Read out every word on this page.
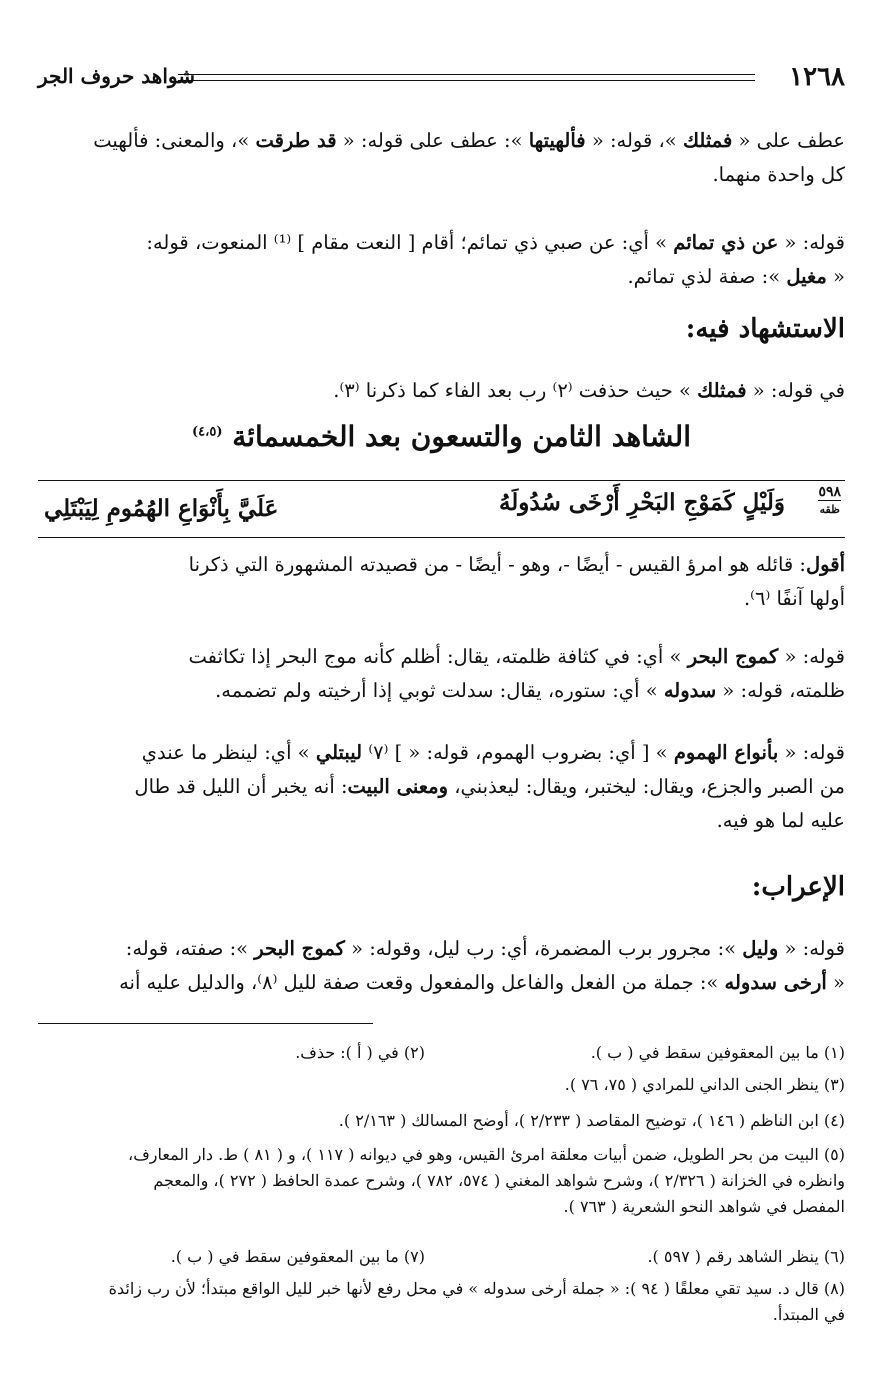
١٢٦٨
شواهد حروف الجر
عطف على « فمثلك »، قوله: « فألهيتها »: عطف على قوله: « قد طرقت »، والمعنى: فألهيت
كل واحدة منهما.
قوله: « عن ذي تمائم » أي: عن صبي ذي تمائم؛ أقام [ النعت مقام ] ⁽¹⁾ المنعوت، قوله:
« مغيل »: صفة لذي تمائم.
الاستشهاد فيه:
في قوله: « فمثلك » حيث حذفت ⁽٢⁾ رب بعد الفاء كما ذكرنا ⁽٣⁾.
الشاهد الثامن والتسعون بعد الخمسمائة $^{(٤،٥)}$
٥٩٨
ظقه
وَلَيْلٍ كَمَوْجِ البَحْرِ أَرْخَى سُدُولَهُ
عَلَيَّ بِأَنْوَاعِ الهُمُومِ لِيَبْتَلِي
أقول: قائله هو امرؤ القيس - أيضًا -، وهو - أيضًا - من قصيدته المشهورة التي ذكرنا
أولها آنفًا ⁽٦⁾.
قوله: « كموج البحر » أي: في كثافة ظلمته، يقال: أظلم كأنه موج البحر إذا تكاثفت
ظلمته، قوله: « سدوله » أي: ستوره، يقال: سدلت ثوبي إذا أرخيته ولم تضممه.
قوله: « بأنواع الهموم » [ أي: بضروب الهموم، قوله: « ] ⁽٧⁾ ليبتلي » أي: لينظر ما عندي
من الصبر والجزع، ويقال: ليختبر، ويقال: ليعذبني، ومعنى البيت: أنه يخبر أن الليل قد طال
عليه لما هو فيه.
الإعراب:
قوله: « وليل »: مجرور برب المضمرة، أي: رب ليل، وقوله: « كموج البحر »: صفته، قوله:
« أرخى سدوله »: جملة من الفعل والفاعل والمفعول وقعت صفة لليل ⁽٨⁾، والدليل عليه أنه
(١) ما بين المعقوفين سقط في ( ب ).
(٢) في ( أ ): حذف.
(٣) ينظر الجنى الداني للمرادي ( ٧٥، ٧٦ ).
(٤) ابن الناظم ( ١٤٦ )، توضيح المقاصد ( ٢/٢٣٣ )، أوضح المسالك ( ٢/١٦٣ ).
(٥) البيت من بحر الطويل، ضمن أبيات معلقة امرئ القيس، وهو في ديوانه ( ١١٧ )، و ( ٨١ ) ط. دار المعارف،
وانظره في الخزانة ( ٢/٣٢٦ )، وشرح شواهد المغني ( ٥٧٤، ٧٨٢ )، وشرح عمدة الحافظ ( ٢٧٢ )، والمعجم
المفصل في شواهد النحو الشعرية ( ٧٦٣ ).
(٦) ينظر الشاهد رقم ( ٥٩٧ ).
(٧) ما بين المعقوفين سقط في ( ب ).
(٨) قال د. سيد تقي معلقًا ( ٩٤ ): « جملة أرخى سدوله » في محل رفع لأنها خبر لليل الواقع مبتدأ؛ لأن رب زائدة
في المبتدأ.
